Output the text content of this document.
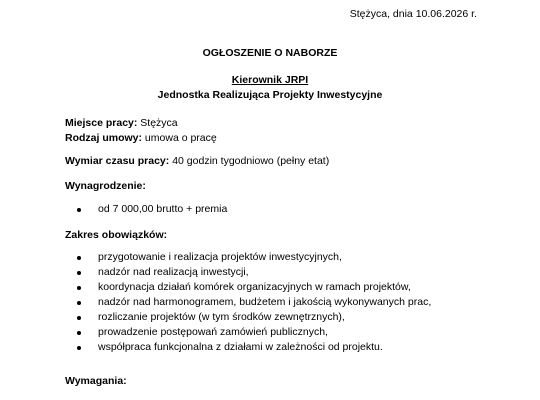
Stężyca, dnia 10.06.2026 r.
OGŁOSZENIE O NABORZE
Kierownik JRPI
Jednostka Realizująca Projekty Inwestycyjne
Miejsce pracy: Stężyca
Rodzaj umowy: umowa o pracę
Wymiar czasu pracy: 40 godzin tygodniowo (pełny etat)
Wynagrodzenie:
od 7 000,00 brutto + premia
Zakres obowiązków:
przygotowanie i realizacja projektów inwestycyjnych,
nadzór nad realizacją inwestycji,
koordynacja działań komórek organizacyjnych w ramach projektów,
nadzór nad harmonogramem, budżetem i jakością wykonywanych prac,
rozliczanie projektów (w tym środków zewnętrznych),
prowadzenie postępowań zamówień publicznych,
współpraca funkcjonalna z działami w zależności od projektu.
Wymagania:
